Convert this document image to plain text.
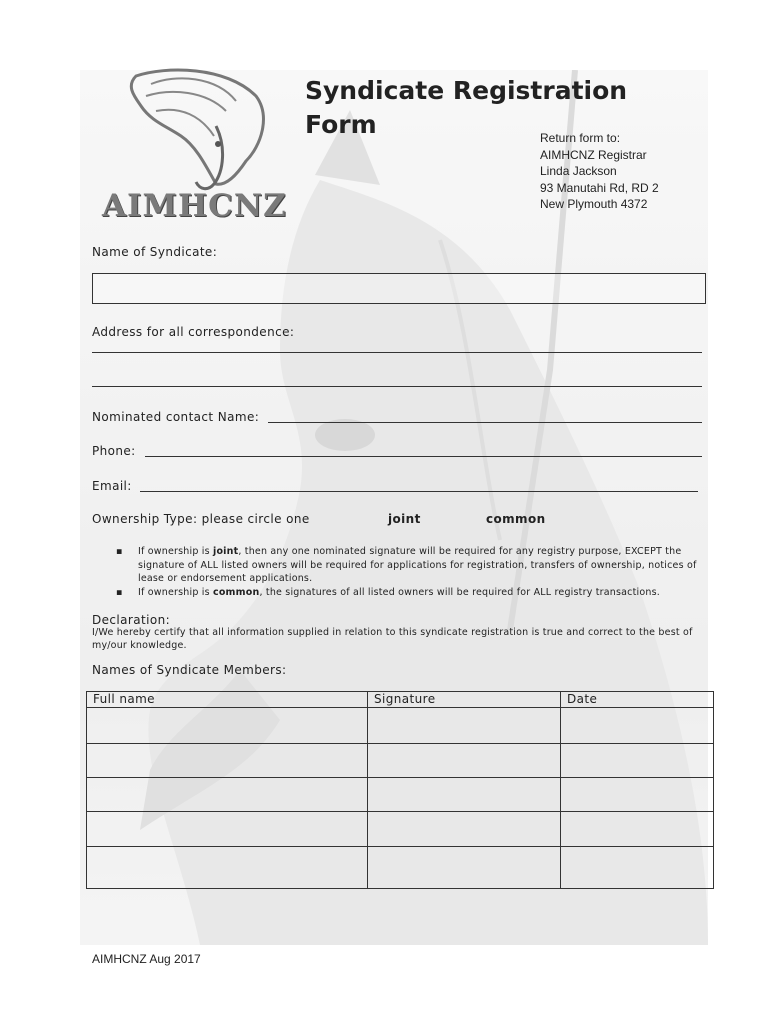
AIMHCNZ
Syndicate Registration
Form	Return form to:
AIMHCNZ Registrar
Linda Jackson
93 Manutahi Rd, RD 2
New Plymouth 4372
Name of Syndicate:
Address for all correspondence:
Nominated contact Name:
Phone:
Email:
Ownership Type: please circle one	joint	common
▪ If ownership is joint, then any one nominated signature will be required for any registry purpose, EXCEPT the signature of ALL listed owners will be required for applications for registration, transfers of ownership, notices of lease or endorsement applications.
▪ If ownership is common, the signatures of all listed owners will be required for ALL registry transactions.
Declaration:
I/We hereby certify that all information supplied in relation to this syndicate registration is true and correct to the best of my/our knowledge.
Names of Syndicate Members:
Full name	Signature	Date

AIMHCNZ Aug 2017
